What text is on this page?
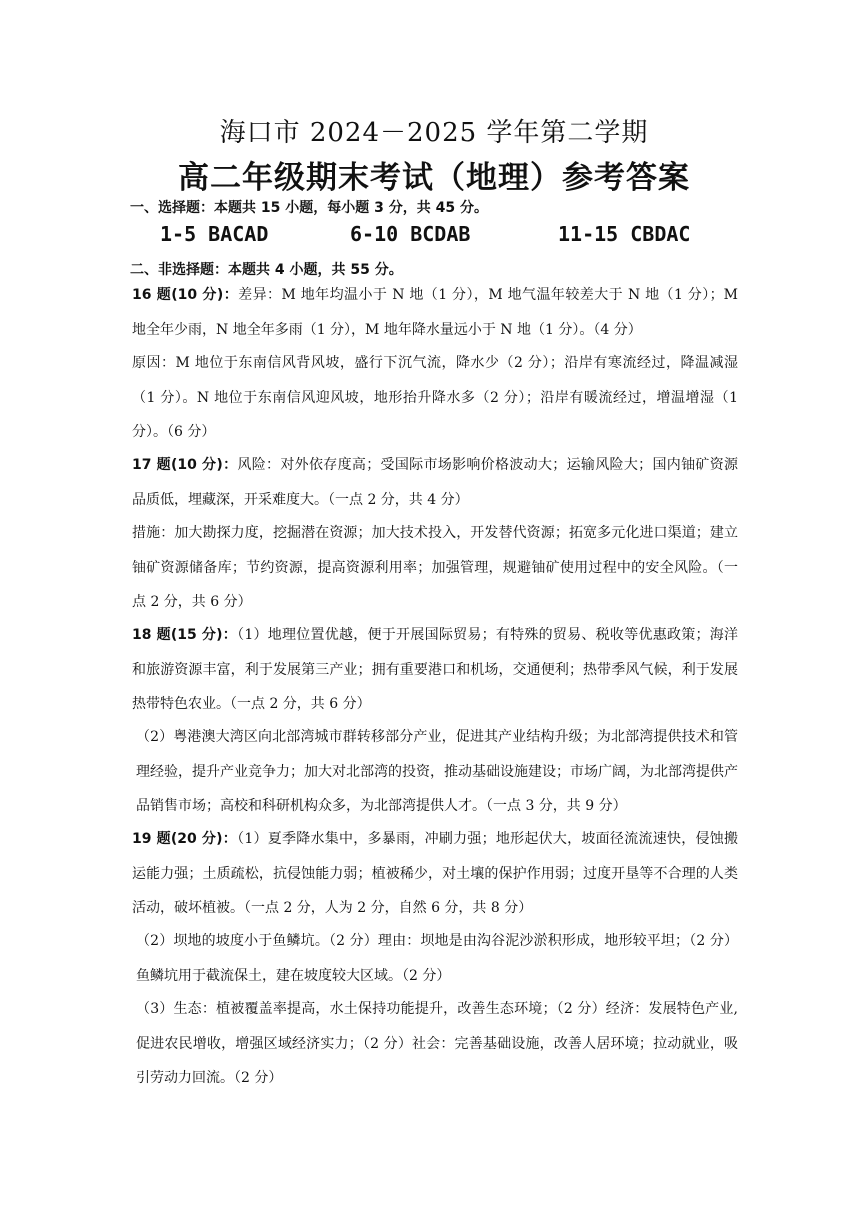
海口市 2024－2025 学年第二学期
高二年级期末考试（地理）参考答案
一、选择题：本题共 15 小题，每小题 3 分，共 45 分。
1-5 BACAD	6-10 BCDAB	11-15 CBDAC
二、非选择题：本题共 4 小题，共 55 分。
16 题(10 分)：差异：M 地年均温小于 N 地（1 分），M 地气温年较差大于 N 地（1 分）；M 地全年少雨，N 地全年多雨（1 分），M 地年降水量远小于 N 地（1 分）。（4 分）
原因：M 地位于东南信风背风坡，盛行下沉气流，降水少（2 分）；沿岸有寒流经过，降温减湿（1 分）。N 地位于东南信风迎风坡，地形抬升降水多（2 分）；沿岸有暖流经过，增温增湿（1 分）。（6 分）
17 题(10 分)：风险：对外依存度高；受国际市场影响价格波动大；运输风险大；国内铀矿资源品质低，埋藏深，开采难度大。（一点 2 分，共 4 分）
措施：加大勘探力度，挖掘潜在资源；加大技术投入，开发替代资源；拓宽多元化进口渠道；建立铀矿资源储备库；节约资源，提高资源利用率；加强管理，规避铀矿使用过程中的安全风险。（一点 2 分，共 6 分）
18 题(15 分)：（1）地理位置优越，便于开展国际贸易；有特殊的贸易、税收等优惠政策；海洋和旅游资源丰富，利于发展第三产业；拥有重要港口和机场，交通便利；热带季风气候，利于发展热带特色农业。（一点 2 分，共 6 分）
（2）粤港澳大湾区向北部湾城市群转移部分产业，促进其产业结构升级；为北部湾提供技术和管理经验，提升产业竞争力；加大对北部湾的投资，推动基础设施建设；市场广阔，为北部湾提供产品销售市场；高校和科研机构众多，为北部湾提供人才。（一点 3 分，共 9 分）
19 题(20 分)：（1）夏季降水集中，多暴雨，冲刷力强；地形起伏大，坡面径流流速快，侵蚀搬运能力强；土质疏松，抗侵蚀能力弱；植被稀少，对土壤的保护作用弱；过度开垦等不合理的人类活动，破坏植被。（一点 2 分，人为 2 分，自然 6 分，共 8 分）
（2）坝地的坡度小于鱼鳞坑。（2 分）理由：坝地是由沟谷泥沙淤积形成，地形较平坦；（2 分）鱼鳞坑用于截流保土，建在坡度较大区域。（2 分）
（3）生态：植被覆盖率提高，水土保持功能提升，改善生态环境；（2 分）经济：发展特色产业,促进农民增收，增强区域经济实力；（2 分）社会：完善基础设施，改善人居环境；拉动就业，吸引劳动力回流。（2 分）
